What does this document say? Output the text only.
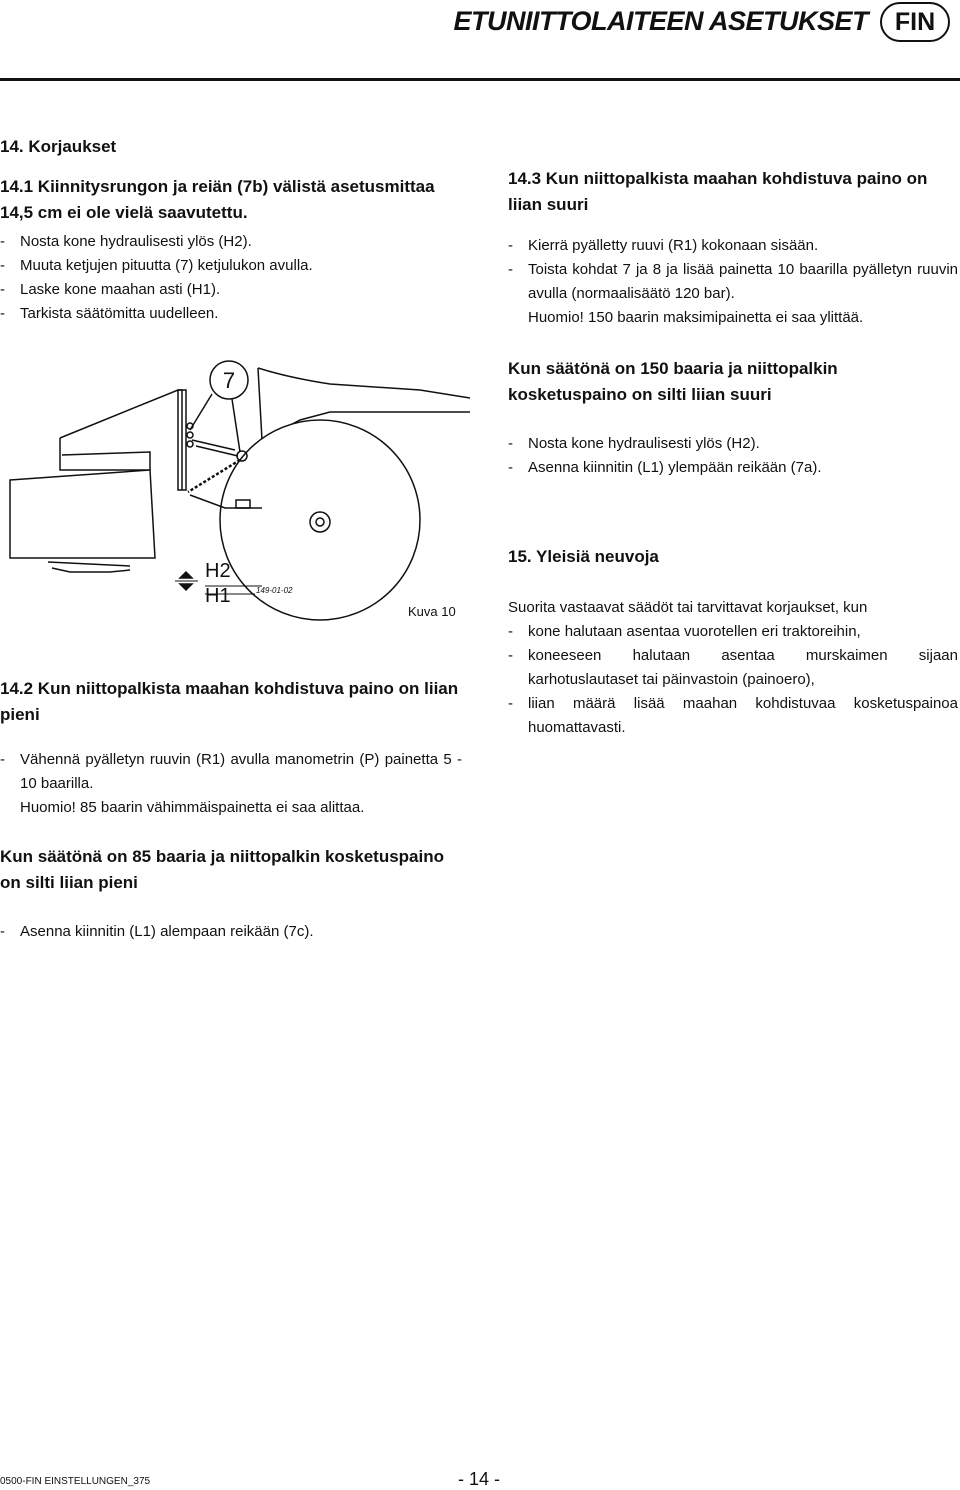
ETUNIITTOLAITEEN ASETUKSET	FIN
14. Korjaukset
14.1 Kiinnitysrungon ja reiän (7b) välistä asetusmittaa 14,5 cm ei ole vielä saavutettu.
- Nosta kone hydraulisesti ylös (H2).
- Muuta ketjujen pituutta (7) ketjulukon avulla.
- Laske kone maahan asti (H1).
- Tarkista säätömitta uudelleen.
14.3 Kun niittopalkista maahan kohdistuva paino on liian suuri
- Kierrä pyälletty ruuvi (R1) kokonaan sisään.
- Toista kohdat 7 ja 8 ja lisää painetta 10 baarilla pyälletyn ruuvin avulla (normaalisäätö 120 bar).
Huomio! 150 baarin maksimipainetta ei saa ylittää.
Kun säätönä on 150 baaria ja niittopalkin kosketuspaino on silti liian suuri
- Nosta kone hydraulisesti ylös (H2).
- Asenna kiinnitin (L1) ylempään reikään (7a).
7
H2
H1	149-01-02
Kuva 10
14.2 Kun niittopalkista maahan kohdistuva paino on liian pieni
- Vähennä pyälletyn ruuvin (R1) avulla manometrin (P) painetta 5 - 10 baarilla.
Huomio! 85 baarin vähimmäispainetta ei saa alittaa.
Kun säätönä on 85 baaria ja niittopalkin kosketuspaino on silti liian pieni
- Asenna kiinnitin (L1) alempaan reikään (7c).
15. Yleisiä neuvoja
Suorita vastaavat säädöt tai tarvittavat korjaukset, kun
- kone halutaan asentaa vuorotellen eri traktoreihin,
- koneeseen halutaan asentaa murskaimen sijaan karhotuslautaset tai päinvastoin (painoero),
- liian määrä lisää maahan kohdistuvaa kosketuspainoa huomattavasti.
0500-FIN EINSTELLUNGEN_375	- 14 -
